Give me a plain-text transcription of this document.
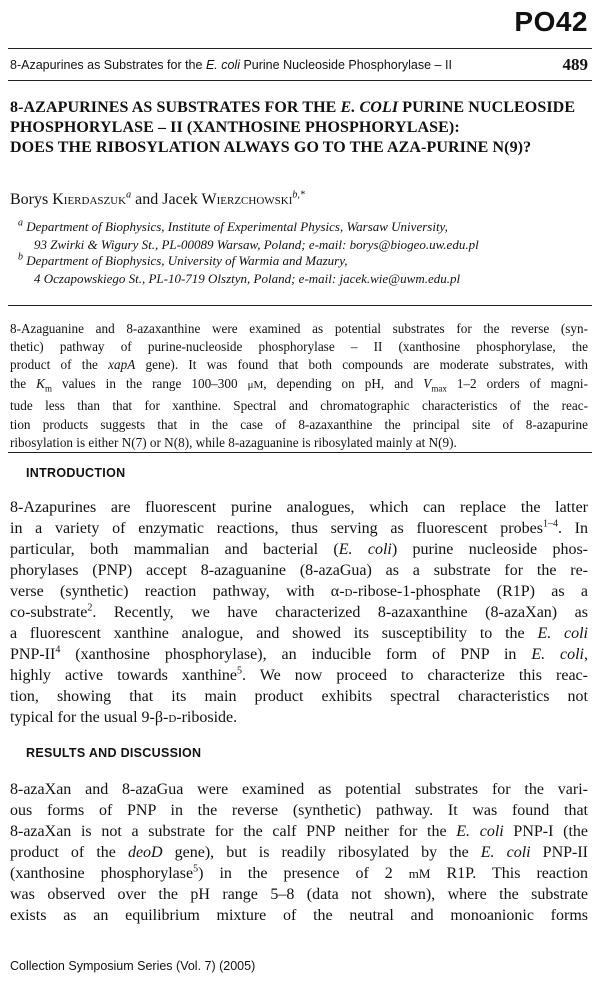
PO42
8-Azapurines as Substrates for the E. coli Purine Nucleoside Phosphorylase – II	489
8-AZAPURINES AS SUBSTRATES FOR THE E. COLI PURINE NUCLEOSIDE
PHOSPHORYLASE – II (XANTHOSINE PHOSPHORYLASE):
DOES THE RIBOSYLATION ALWAYS GO TO THE AZA-PURINE N(9)?
Borys Kierdaszuk$^a$ and Jacek Wierzchowski$^{b,*}$
$^a$ Department of Biophysics, Institute of Experimental Physics, Warsaw University,
93 Zwirki & Wigury St., PL-00089 Warsaw, Poland; e-mail: borys@biogeo.uw.edu.pl
$^b$ Department of Biophysics, University of Warmia and Mazury,
4 Oczapowskiego St., PL-10-719 Olsztyn, Poland; e-mail: jacek.wie@uwm.edu.pl
8-Azaguanine and 8-azaxanthine were examined as potential substrates for the reverse (syn-
thetic) pathway of purine-nucleoside phosphorylase – II (xanthosine phosphorylase, the
product of the xapA gene). It was found that both compounds are moderate substrates, with
the $K_m$ values in the range 100–300 μM, depending on pH, and $V_{max}$ 1–2 orders of magni-
tude less than that for xanthine. Spectral and chromatographic characteristics of the reac-
tion products suggests that in the case of 8-azaxanthine the principal site of 8-azapurine
ribosylation is either N(7) or N(8), while 8-azaguanine is ribosylated mainly at N(9).
INTRODUCTION
8-Azapurines are fluorescent purine analogues, which can replace the latter
in a variety of enzymatic reactions, thus serving as fluorescent probes$^{1-4}$. In
particular, both mammalian and bacterial (E. coli) purine nucleoside phos-
phorylases (PNP) accept 8-azaguanine (8-azaGua) as a substrate for the re-
verse (synthetic) reaction pathway, with α-d-ribose-1-phosphate (R1P) as a
co-substrate$^2$. Recently, we have characterized 8-azaxanthine (8-azaXan) as
a fluorescent xanthine analogue, and showed its susceptibility to the E. coli
PNP-$II^4$ (xanthosine phosphorylase), an inducible form of PNP in E. coli,
highly active towards xanthine$^5$. We now proceed to characterize this reac-
tion, showing that its main product exhibits spectral characteristics not
typical for the usual 9-β-d-riboside.
RESULTS AND DISCUSSION
8-azaXan and 8-azaGua were examined as potential substrates for the vari-
ous forms of PNP in the reverse (synthetic) pathway. It was found that
8-azaXan is not a substrate for the calf PNP neither for the E. coli PNP-I (the
product of the deoD gene), but is readily ribosylated by the E. coli PNP-II
(xanthosine phosphorylase$^5$) in the presence of 2 mM R1P. This reaction
was observed over the pH range 5–8 (data not shown), where the substrate
exists as an equilibrium mixture of the neutral and monoanionic forms
Collection Symposium Series (Vol. 7) (2005)
